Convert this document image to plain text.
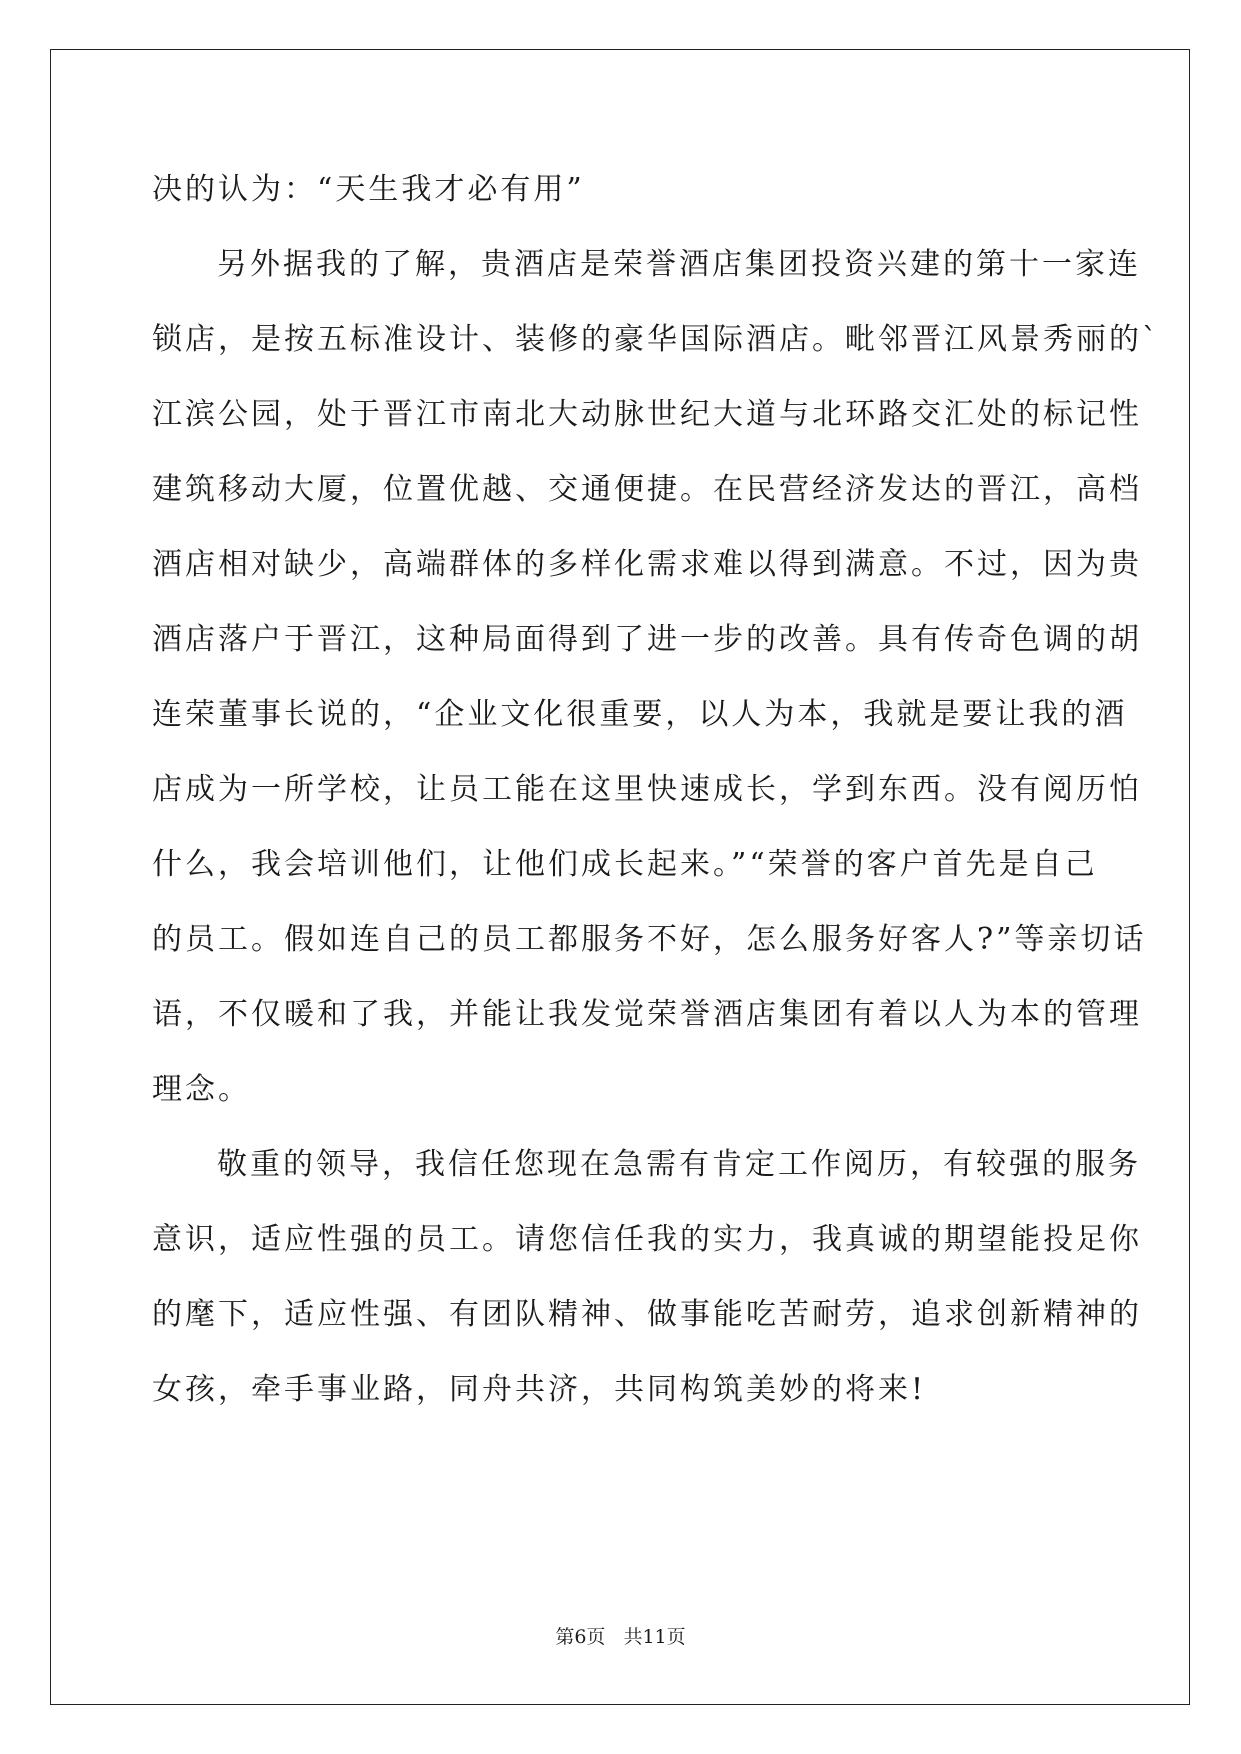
决的认为：“天生我才必有用”

另外据我的了解，贵酒店是荣誉酒店集团投资兴建的第十一家连
锁店，是按五标准设计、装修的豪华国际酒店。毗邻晋江风景秀丽的`
江滨公园，处于晋江市南北大动脉世纪大道与北环路交汇处的标记性
建筑移动大厦，位置优越、交通便捷。在民营经济发达的晋江，高档
酒店相对缺少，高端群体的多样化需求难以得到满意。不过，因为贵
酒店落户于晋江，这种局面得到了进一步的改善。具有传奇色调的胡
连荣董事长说的，“企业文化很重要，以人为本，我就是要让我的酒
店成为一所学校，让员工能在这里快速成长，学到东西。没有阅历怕
什么，我会培训他们，让他们成长起来。”“荣誉的客户首先是自己
的员工。假如连自己的员工都服务不好，怎么服务好客人?”等亲切话
语，不仅暖和了我，并能让我发觉荣誉酒店集团有着以人为本的管理
理念。

敬重的领导，我信任您现在急需有肯定工作阅历，有较强的服务
意识，适应性强的员工。请您信任我的实力，我真诚的期望能投足你
的麾下，适应性强、有团队精神、做事能吃苦耐劳，追求创新精神的
女孩，牵手事业路，同舟共济，共同构筑美妙的将来!

第6页 共11页
